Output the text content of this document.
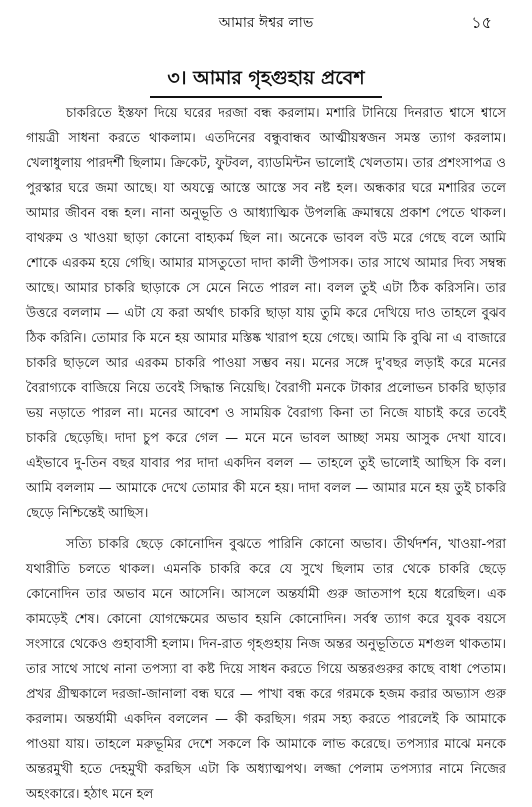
আমার ঈশ্বর লাভ	১৫
৩। আমার গৃহগুহায় প্রবেশ

চাকরিতে ইস্তফা দিয়ে ঘরের দরজা বন্ধ করলাম। মশারি টানিয়ে দিনরাত শ্বাসে শ্বাসে গায়ত্রী সাধনা করতে থাকলাম। এতদিনের বন্ধুবান্ধব আত্মীয়স্বজন সমস্ত ত্যাগ করলাম। খেলাধুলায় পারদর্শী ছিলাম। ক্রিকেট, ফুটবল, ব্যাডমিন্টন ভালোই খেলতাম। তার প্রশংসাপত্র ও পুরস্কার ঘরে জমা আছে। যা অযত্নে আস্তে আস্তে সব নষ্ট হল। অন্ধকার ঘরে মশারির তলে আমার জীবন বন্ধ হল। নানা অনুভূতি ও আধ্যাত্মিক উপলব্ধি ক্রমান্বয়ে প্রকাশ পেতে থাকল। বাথরুম ও খাওয়া ছাড়া কোনো বাহ্যকর্ম ছিল না। অনেকে ভাবল বউ মরে গেছে বলে আমি শোকে এরকম হয়ে গেছি। আমার মাসতুতো দাদা কালী উপাসক। তার সাথে আমার দিব্য সম্বন্ধ আছে। আমার চাকরি ছাড়াকে সে মেনে নিতে পারল না। বলল তুই এটা ঠিক করিসনি। তার উত্তরে বললাম — এটা যে করা অর্থাৎ চাকরি ছাড়া যায় তুমি করে দেখিয়ে দাও তাহলে বুঝব ঠিক করিনি। তোমার কি মনে হয় আমার মস্তিষ্ক খারাপ হয়ে গেছে। আমি কি বুঝি না এ বাজারে চাকরি ছাড়লে আর এরকম চাকরি পাওয়া সম্ভব নয়। মনের সঙ্গে দু'বছর লড়াই করে মনের বৈরাগ্যকে বাজিয়ে নিয়ে তবেই সিদ্ধান্ত নিয়েছি। বৈরাগী মনকে টাকার প্রলোভন চাকরি ছাড়ার ভয় নড়াতে পারল না। মনের আবেশ ও সাময়িক বৈরাগ্য কিনা তা নিজে যাচাই করে তবেই চাকরি ছেড়েছি। দাদা চুপ করে গেল — মনে মনে ভাবল আচ্ছা সময় আসুক দেখা যাবে। এইভাবে দু-তিন বছর যাবার পর দাদা একদিন বলল — তাহলে তুই ভালোই আছিস কি বল। আমি বললাম — আমাকে দেখে তোমার কী মনে হয়। দাদা বলল — আমার মনে হয় তুই চাকরি ছেড়ে নিশ্চিন্তেই আছিস।

সত্যি চাকরি ছেড়ে কোনোদিন বুঝতে পারিনি কোনো অভাব। তীর্থদর্শন, খাওয়া-পরা যথারীতি চলতে থাকল। এমনকি চাকরি করে যে সুখে ছিলাম তার থেকে চাকরি ছেড়ে কোনোদিন তার অভাব মনে আসেনি। আসলে অন্তর্যামী গুরু জাতসাপ হয়ে ধরেছিল। এক কামড়েই শেষ। কোনো যোগক্ষেমের অভাব হয়নি কোনোদিন। সর্বস্ব ত্যাগ করে যুবক বয়সে সংসারে থেকেও গুহাবাসী হলাম। দিন-রাত গৃহগুহায় নিজ অন্তর অনুভূতিতে মশগুল থাকতাম। তার সাথে সাথে নানা তপস্যা বা কষ্ট দিয়ে সাধন করতে গিয়ে অন্তরগুরুর কাছে বাধা পেতাম। প্রখর গ্রীষ্মকালে দরজা-জানালা বন্ধ ঘরে — পাখা বন্ধ করে গরমকে হজম করার অভ্যাস গুরু করলাম। অন্তর্যামী একদিন বললেন — কী করছিস। গরম সহ্য করতে পারলেই কি আমাকে পাওয়া যায়। তাহলে মরুভূমির দেশে সকলে কি আমাকে লাভ করেছে। তপস্যার মাঝে মনকে অন্তরমুখী হতে দেহমুখী করছিস এটা কি অধ্যাত্মপথ। লজ্জা পেলাম তপস্যার নামে নিজের অহংকারে। হঠাৎ মনে হল
